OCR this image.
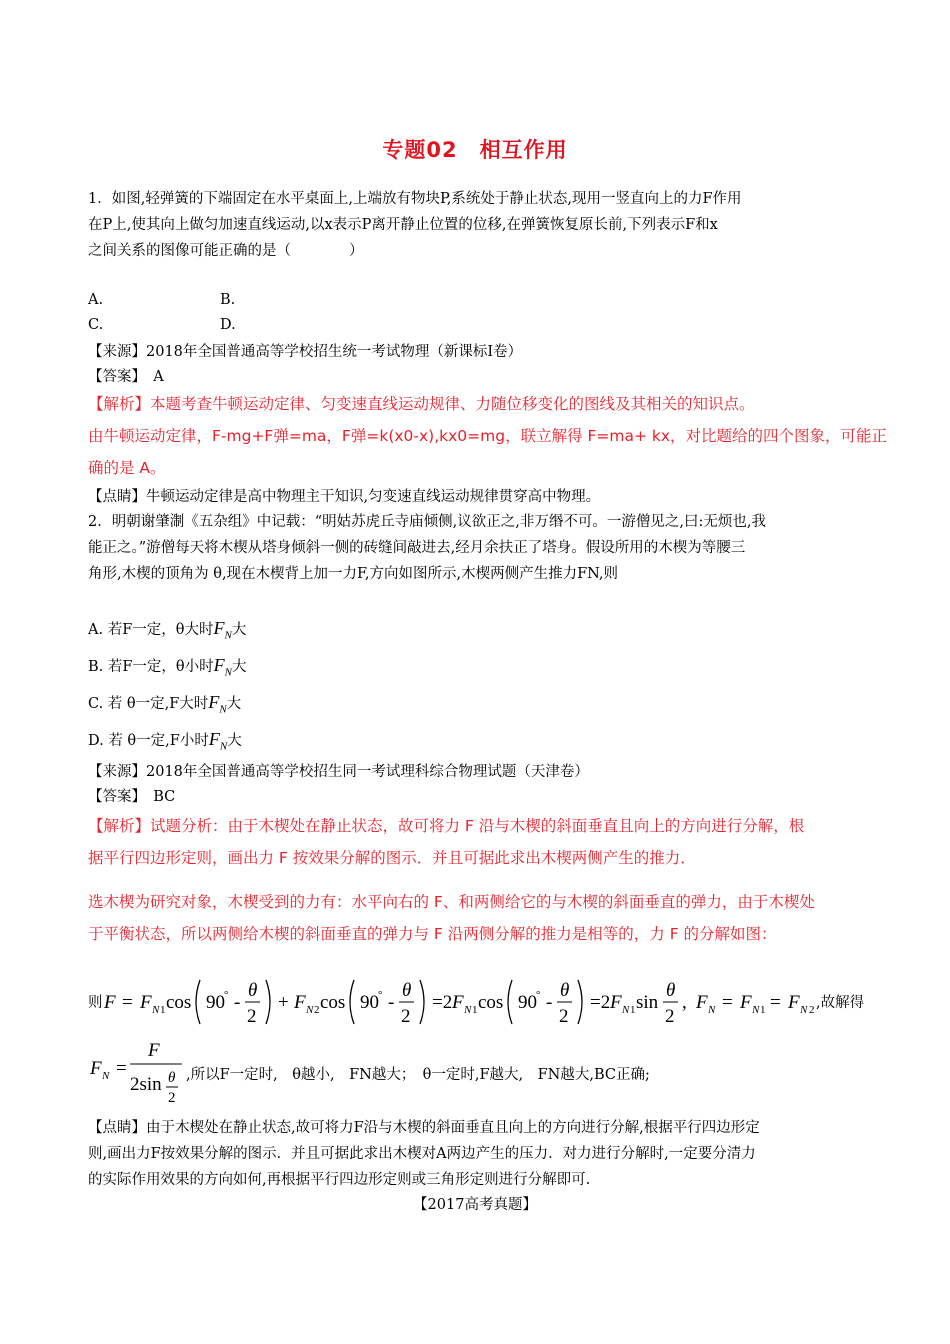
专题02　相互作用
1．如图,轻弹簧的下端固定在水平桌面上,上端放有物块P,系统处于静止状态,现用一竖直向上的力F作用
在P上,使其向上做匀加速直线运动,以x表示P离开静止位置的位移,在弹簧恢复原长前,下列表示F和x
之间关系的图像可能正确的是（　　　　）
A.	B.
C.	D.
【来源】2018年全国普通高等学校招生统一考试物理（新课标Ⅰ卷）
【答案】　A
【解析】本题考查牛顿运动定律、匀变速直线运动规律、力随位移变化的图线及其相关的知识点。
由牛顿运动定律，F-mg+F弹=ma，F弹=k(x0-x),kx0=mg，联立解得 F=ma+ kx，对比题给的四个图象，可能正
确的是 A。
【点睛】牛顿运动定律是高中物理主干知识,匀变速直线运动规律贯穿高中物理。
2．明朝谢肇淛《五杂组》中记载：“明姑苏虎丘寺庙倾侧,议欲正之,非万缗不可。一游僧见之,曰:无烦也,我
能正之。”游僧每天将木楔从塔身倾斜一侧的砖缝间敲进去,经月余扶正了塔身。假设所用的木楔为等腰三
角形,木楔的顶角为 θ,现在木楔背上加一力F,方向如图所示,木楔两侧产生推力FN,则
A. 若F一定，θ大时$F_N$大
B. 若F一定，θ小时$F_N$大
C. 若 θ一定,F大时$F_N$大
D. 若 θ一定,F小时$F_N$大
【来源】2018年全国普通高等学校招生同一考试理科综合物理试题（天津卷）
【答案】　BC
【解析】试题分析：由于木楔处在静止状态，故可将力 F 沿与木楔的斜面垂直且向上的方向进行分解，根
据平行四边形定则，画出力 F 按效果分解的图示．并且可据此求出木楔两侧产生的推力．
选木楔为研究对象，木楔受到的力有：水平向右的 F、和两侧给它的与木楔的斜面垂直的弹力，由于木楔处
于平衡状态，所以两侧给木楔的斜面垂直的弹力与 F 沿两侧分解的推力是相等的，力 F 的分解如图：
则 F = F N 1 cos 90 ° -
θ
2
+ F N 2 cos 90 ° -
θ
2
=2 F N 1 cos 90 ° -
θ
2
=2 F N 1 sin
θ
2
, F N = F N 1 = F N 2 ,故解得
F N =
F
2sin θ
2
,所以F一定时,　θ越小,　FN越大；　θ一定时,F越大,　FN越大,BC正确;
【点睛】由于木楔处在静止状态,故可将力F沿与木楔的斜面垂直且向上的方向进行分解,根据平行四边形定
则,画出力F按效果分解的图示．并且可据此求出木楔对A两边产生的压力．对力进行分解时,一定要分清力
的实际作用效果的方向如何,再根据平行四边形定则或三角形定则进行分解即可.
【2017高考真题】
